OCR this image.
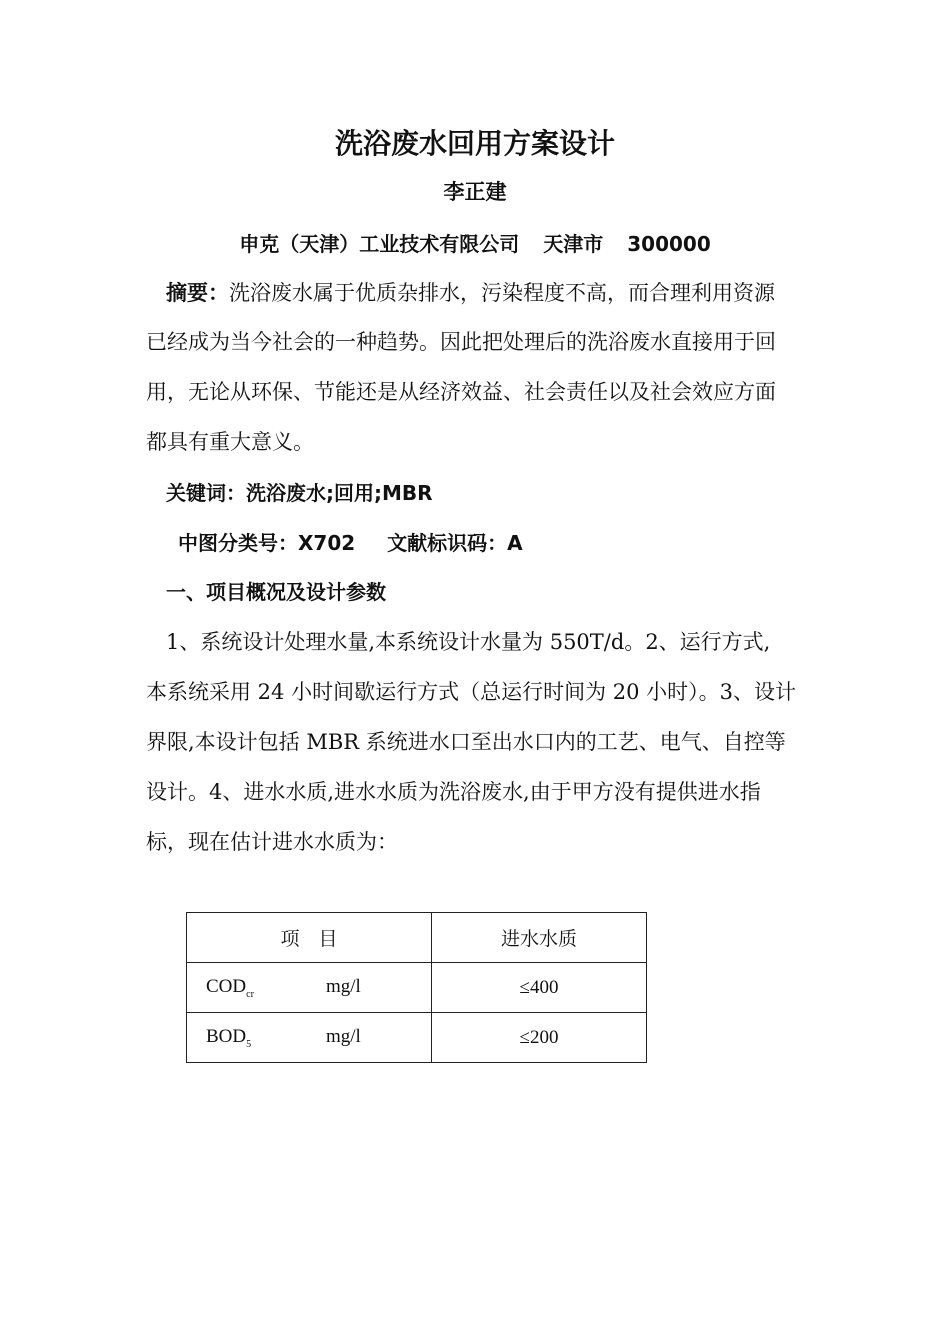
洗浴废水回用方案设计
李正建
申克（天津）工业技术有限公司 天津市 300000
摘要：洗浴废水属于优质杂排水，污染程度不高，而合理利用资源
已经成为当今社会的一种趋势。因此把处理后的洗浴废水直接用于回
用，无论从环保、节能还是从经济效益、社会责任以及社会效应方面
都具有重大意义。
关键词：洗浴废水;回用;MBR
中图分类号：X702 文献标识码：A
一、项目概况及设计参数
1、系统设计处理水量,本系统设计水量为 550T/d。2、运行方式,
本系统采用 24 小时间歇运行方式（总运行时间为 20 小时）。3、设计
界限,本设计包括 MBR 系统进水口至出水口内的工艺、电气、自控等
设计。4、进水水质,进水水质为洗浴废水,由于甲方没有提供进水指
标，现在估计进水水质为：
项　目	进水水质
$COD_{cr}$ mg/l	≤400
$BOD_5$ mg/l	≤200
